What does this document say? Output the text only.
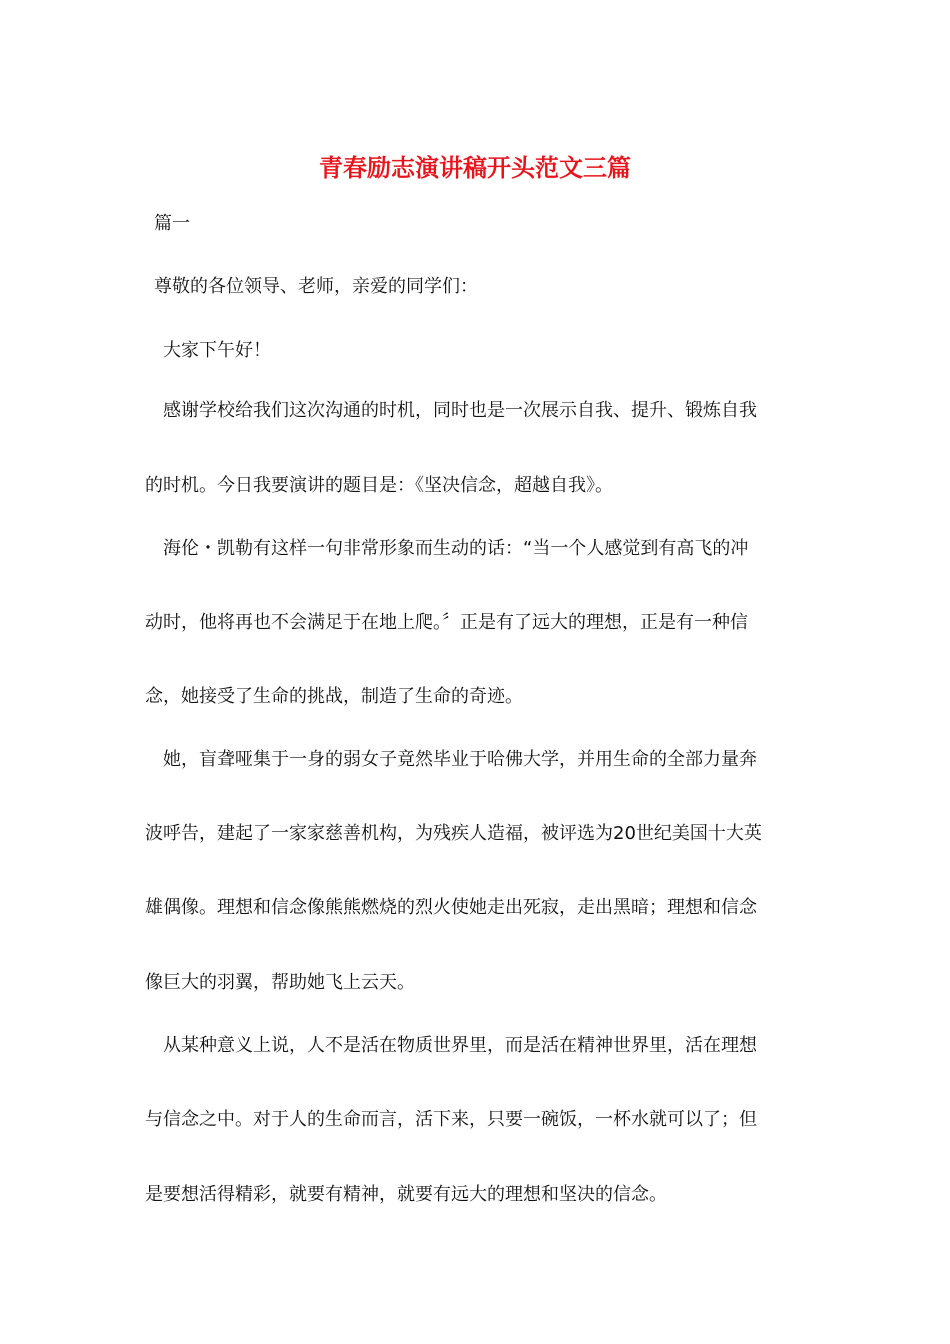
青春励志演讲稿开头范文三篇

篇一

尊敬的各位领导、老师，亲爱的同学们：

大家下午好！

感谢学校给我们这次沟通的时机，同时也是一次展示自我、提升、锻炼自我

的时机。今日我要演讲的题目是：《坚决信念，超越自我》。

海伦・凯勒有这样一句非常形象而生动的话：“当一个人感觉到有高飞的冲

动时，他将再也不会满足于在地上爬。〞正是有了远大的理想，正是有一种信

念，她接受了生命的挑战，制造了生命的奇迹。

她，盲聋哑集于一身的弱女子竟然毕业于哈佛大学，并用生命的全部力量奔

波呼告，建起了一家家慈善机构，为残疾人造福，被评选为20世纪美国十大英

雄偶像。理想和信念像熊熊燃烧的烈火使她走出死寂，走出黑暗；理想和信念

像巨大的羽翼，帮助她飞上云天。

从某种意义上说，人不是活在物质世界里，而是活在精神世界里，活在理想

与信念之中。对于人的生命而言，活下来，只要一碗饭，一杯水就可以了；但

是要想活得精彩，就要有精神，就要有远大的理想和坚决的信念。
